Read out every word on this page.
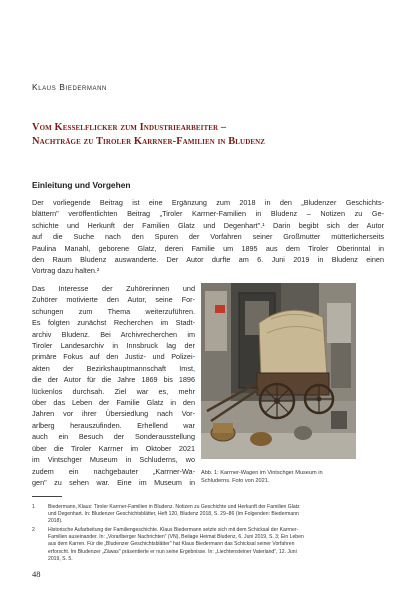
Klaus Biedermann
Vom Kesselflicker zum Industriearbeiter –
Nachträge zu Tiroler Karrner-Familien in Bludenz
Einleitung und Vorgehen
Der vorliegende Beitrag ist eine Ergänzung zum 2018 in den „Bludenzer Geschichts-
blättern" veröffentlichten Beitrag „Tiroler Karrner-Familien in Bludenz – Notizen zu Ge-
schichte und Herkunft der Familien Glatz und Degenhart".¹ Darin begibt sich der Autor
auf die Suche nach den Spuren der Vorfahren seiner Großmutter mütterlicherseits
Paulina Manahl, geborene Glatz, deren Familie um 1895 aus dem Tiroler Oberinntal in
den Raum Bludenz auswanderte. Der Autor durfte am 6. Juni 2019 in Bludenz einen
Vortrag dazu halten.²
Das Interesse der Zuhörerinnen und
Zuhörer motivierte den Autor, seine For-
schungen zum Thema weiterzuführen.
Es folgten zunächst Recherchen im Stadt-
archiv Bludenz. Bei Archivrecherchen im
Tiroler Landesarchiv in Innsbruck lag der
primäre Fokus auf den Justiz- und Polizei-
akten der Bezirkshauptmannschaft Imst,
die der Autor für die Jahre 1869 bis 1896
lückenlos durchsah. Ziel war es, mehr
über das Leben der Familie Glatz in den
Jahren vor ihrer Übersiedlung nach Vor-
arlberg herauszufinden. Erhellend war
auch ein Besuch der Sonderausstellung
über die Tiroler Karrner im Oktober 2021
im Vintschger Museum in Schluderns, wo
zudem ein nachgebauter „Karrner-Wa-
gen" zu sehen war. Eine im Museum in
Abb. 1: Karrner-Wagen im Vintschger Museum in
Schluderns. Foto von 2021.
1	Biedermann, Klaus: Tiroler Karrner-Familien in Bludenz. Notizen zu Geschichte und Herkunft der Familien Glatz
und Degenhart. In: Bludenzer Geschichtsblätter, Heft 120, Bludenz 2018, S. 29–86 (Im Folgenden: Biedermann
2018).
2	Historische Aufarbeitung der Familiengeschichte. Klaus Biedermann setzte sich mit dem Schicksal der Karrner-
Familien auseinander. In: „Vorarlberger Nachrichten" (VN), Beilage Heimat Bludenz, 6. Juni 2019, S. 3; Ein Leben
aus dem Karren. Für die „Bludenzer Geschichtsblätter" hat Klaus Biedermann das Schicksal seiner Vorfahren
erforscht. Im Bludenzer „Zäwas" präsentierte er nun seine Ergebnisse. In: „Liechtensteiner Vaterland", 12. Juni
2019, S. 5.
48
